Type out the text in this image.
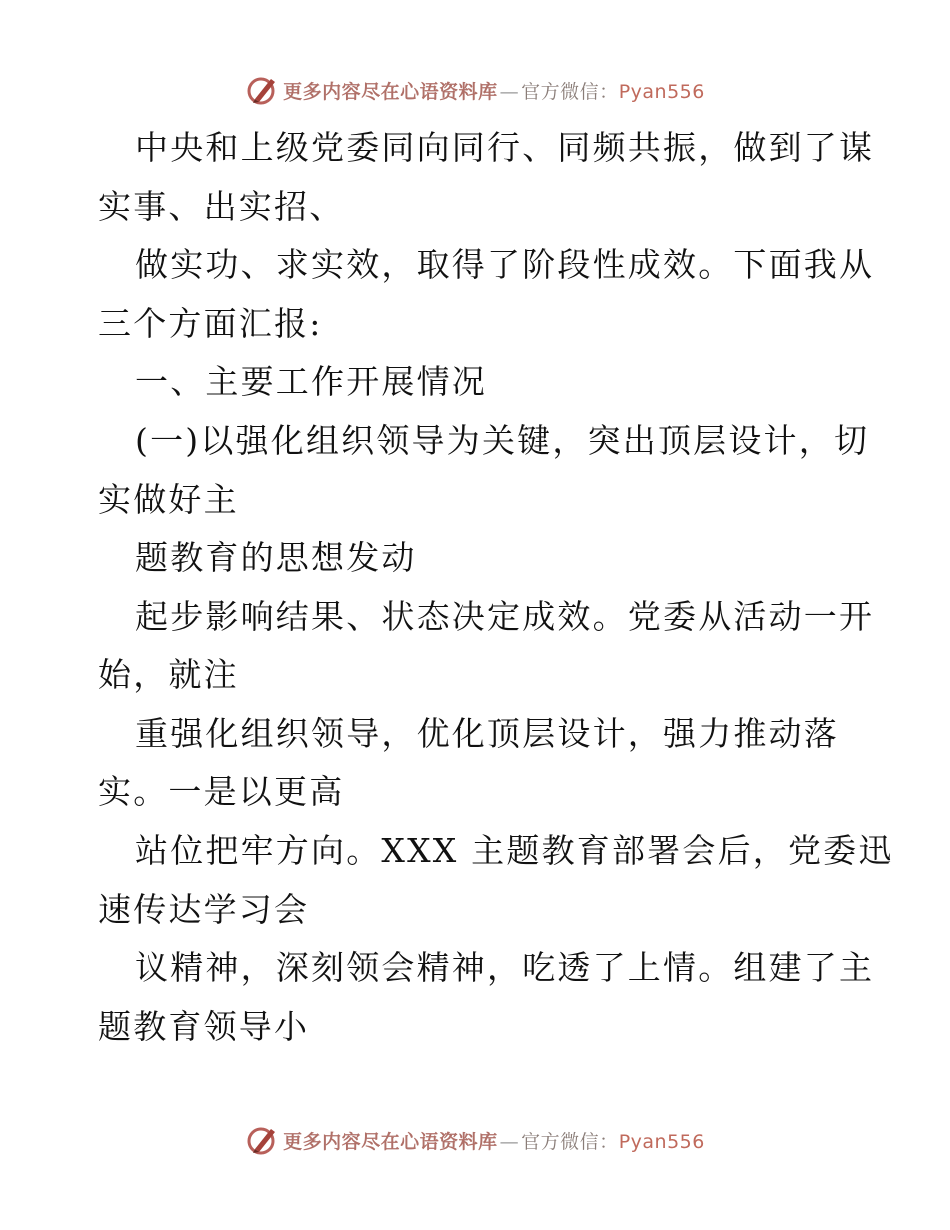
更多内容尽在心语资料库 — 官方微信：Pyan556
中央和上级党委同向同行、同频共振，做到了谋
实事、出实招、
做实功、求实效，取得了阶段性成效。下面我从
三个方面汇报:
一、主要工作开展情况
(一)以强化组织领导为关键，突出顶层设计，切
实做好主
题教育的思想发动
起步影响结果、状态决定成效。党委从活动一开
始，就注
重强化组织领导，优化顶层设计，强力推动落
实。一是以更高
站位把牢方向。XXX 主题教育部署会后，党委迅
速传达学习会
议精神，深刻领会精神，吃透了上情。组建了主
题教育领导小
更多内容尽在心语资料库 — 官方微信：Pyan556
